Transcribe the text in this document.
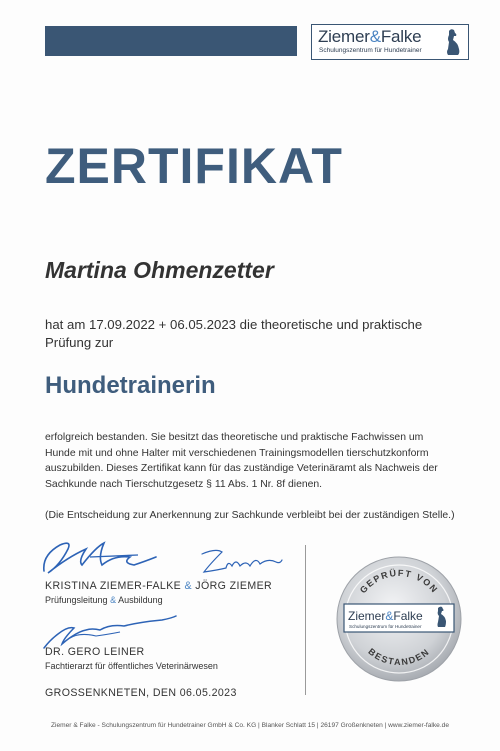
Ziemer&Falke
Schulungszentrum für Hundetrainer
ZERTIFIKAT
Martina Ohmenzetter
hat am 17.09.2022 + 06.05.2023 die theoretische und praktische
Prüfung zur
Hundetrainerin
erfolgreich bestanden. Sie besitzt das theoretische und praktische Fachwissen um
Hunde mit und ohne Halter mit verschiedenen Trainingsmodellen tierschutzkonform
auszubilden. Dieses Zertifikat kann für das zuständige Veterinäramt als Nachweis der
Sachkunde nach Tierschutzgesetz § 11 Abs. 1 Nr. 8f dienen.
(Die Entscheidung zur Anerkennung zur Sachkunde verbleibt bei der zuständigen Stelle.)
KRISTINA ZIEMER-FALKE & JÖRG ZIEMER
Prüfungsleitung & Ausbildung
DR. GERO LEINER
Fachtierarzt für öffentliches Veterinärwesen
GROSSENKNETEN, DEN 06.05.2023
GEPRÜFT VON
BESTANDEN
Ziemer&Falke
Schulungszentrum für Hundetrainer
Ziemer & Falke - Schulungszentrum für Hundetrainer GmbH & Co. KG | Blanker Schlatt 15 | 26197 Großenkneten | www.ziemer-falke.de
